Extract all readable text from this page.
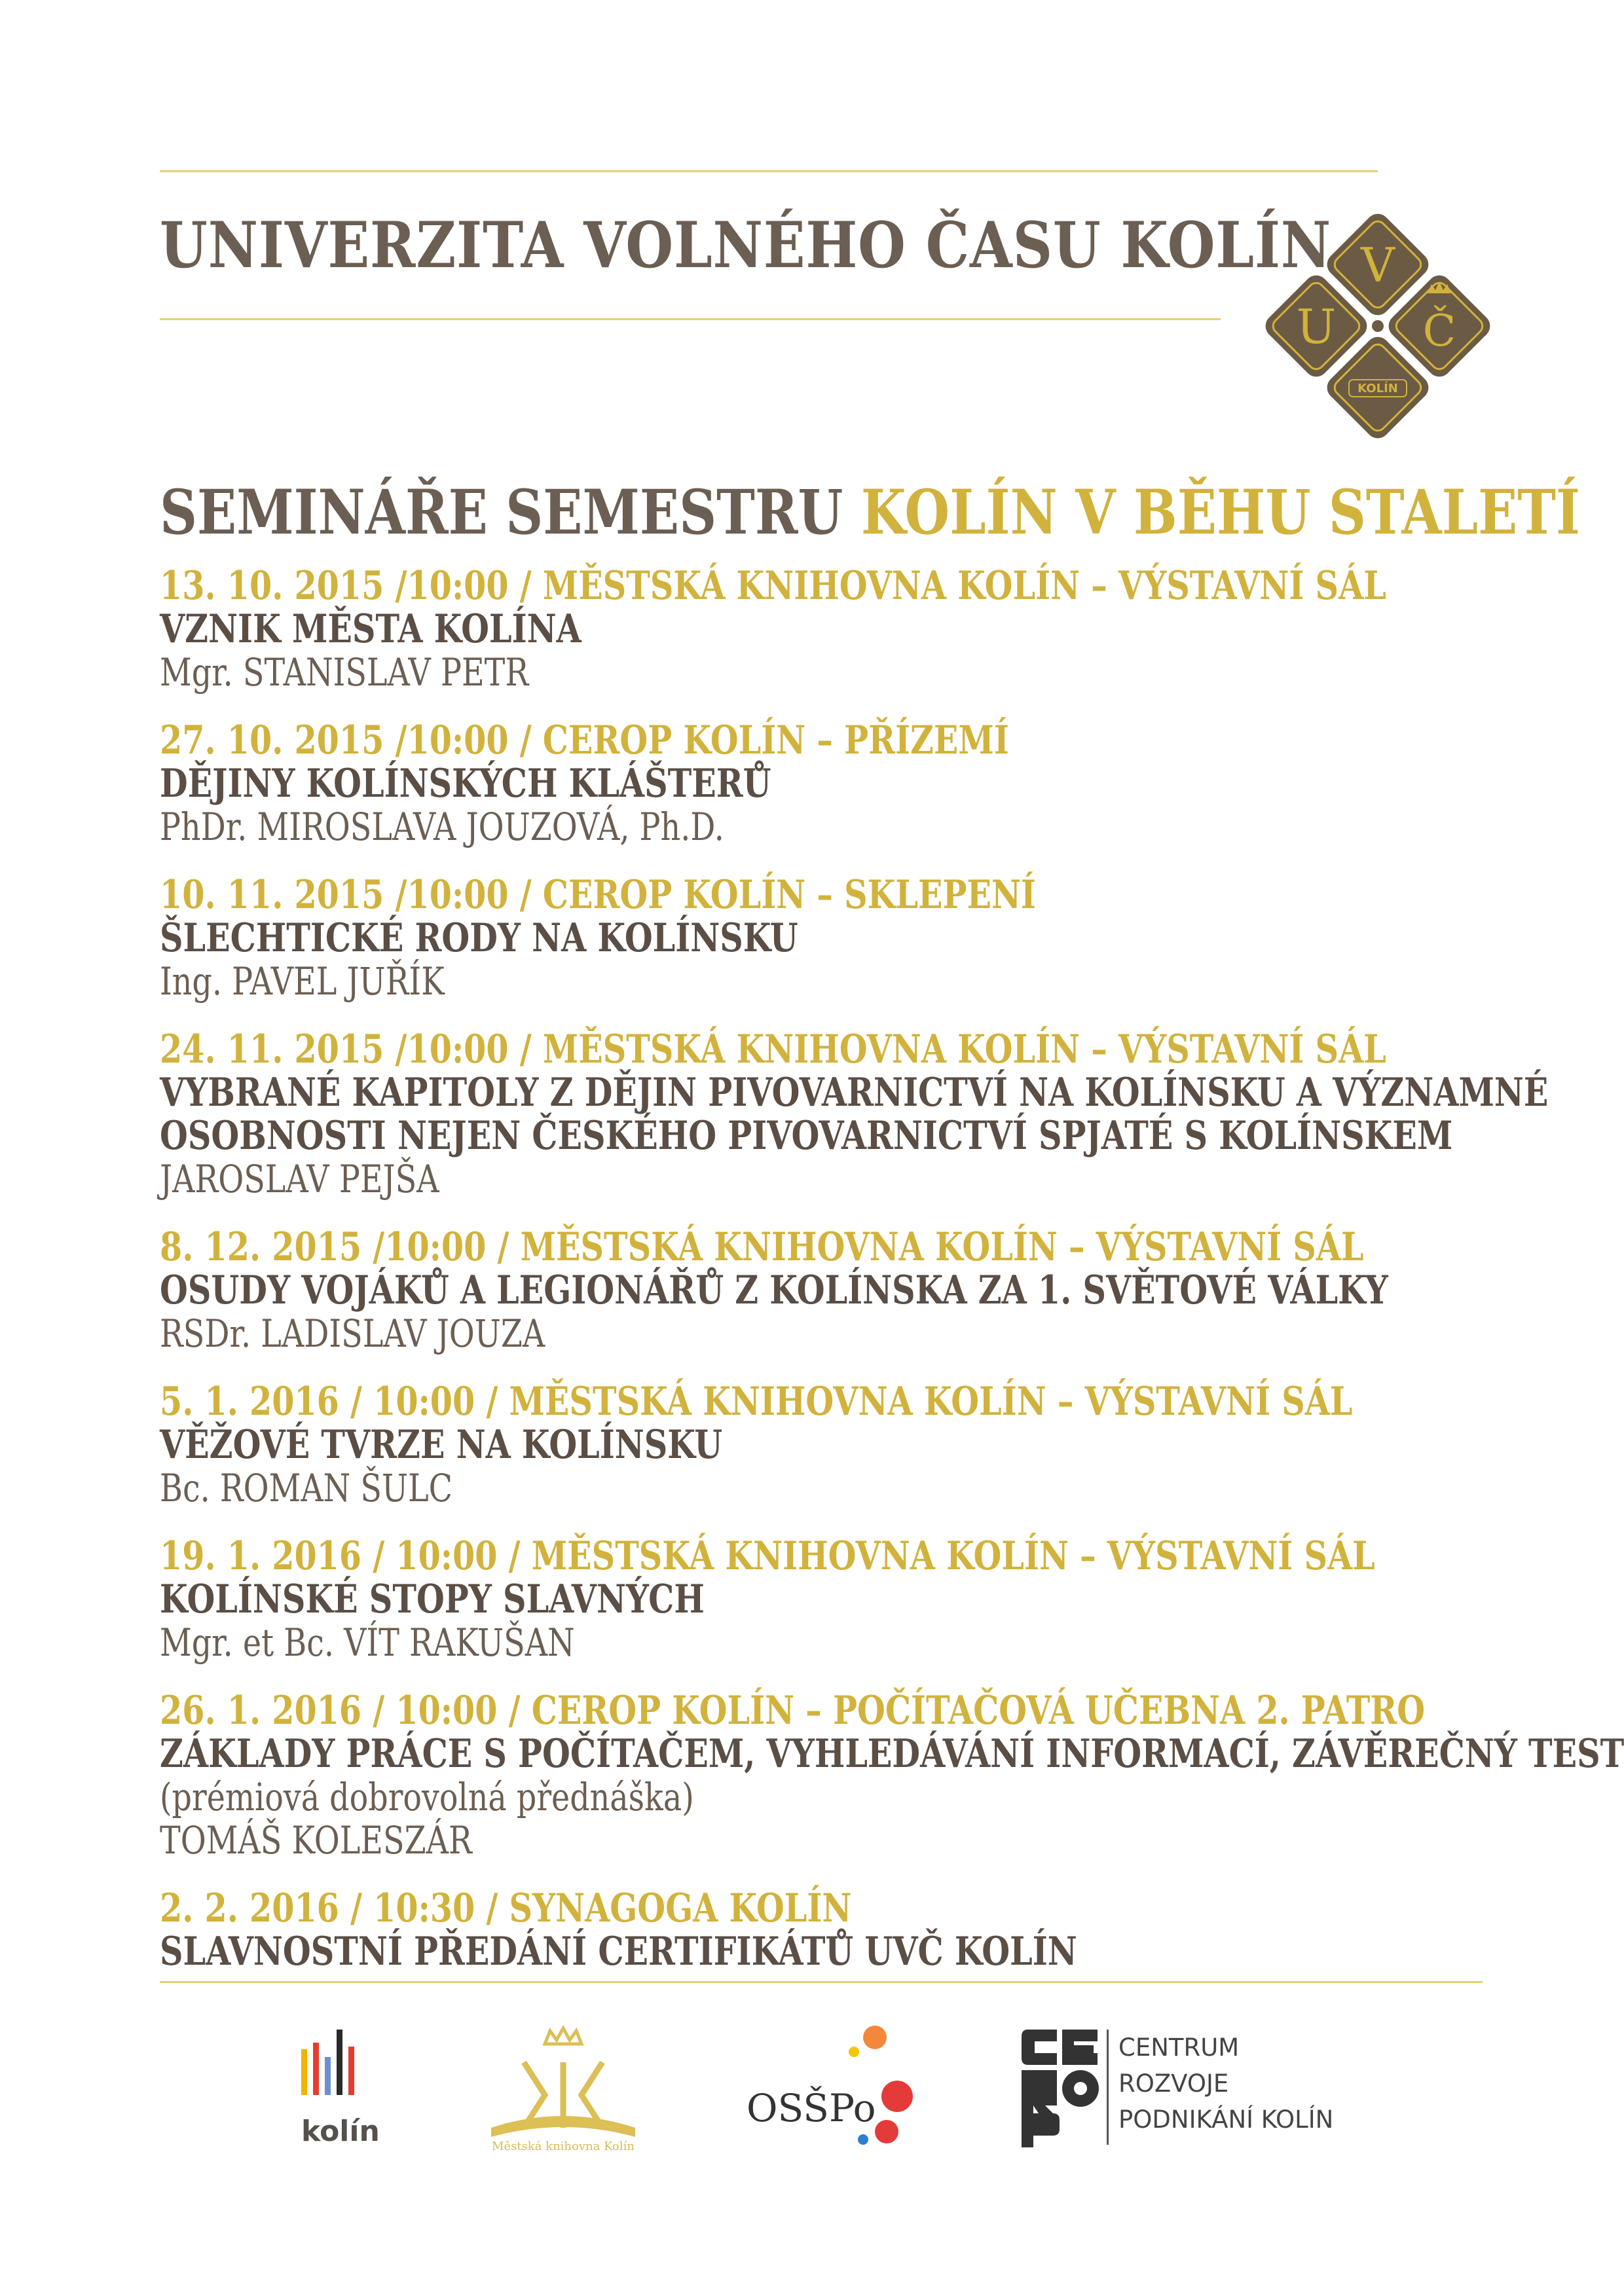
UNIVERZITA VOLNÉHO ČASU KOLÍN V
U Č
KOLÍN
SEMINÁŘE SEMESTRU KOLÍN V BĚHU STALETÍ
13. 10. 2015 /10:00 / MĚSTSKÁ KNIHOVNA KOLÍN – VÝSTAVNÍ SÁL
VZNIK MĚSTA KOLÍNA
Mgr. STANISLAV PETR
27. 10. 2015 /10:00 / CEROP KOLÍN – PŘÍZEMÍ
DĚJINY KOLÍNSKÝCH KLÁŠTERŮ
PhDr. MIROSLAVA JOUZOVÁ, Ph.D.
10. 11. 2015 /10:00 / CEROP KOLÍN – SKLEPENÍ
ŠLECHTICKÉ RODY NA KOLÍNSKU
Ing. PAVEL JUŘÍK
24. 11. 2015 /10:00 / MĚSTSKÁ KNIHOVNA KOLÍN – VÝSTAVNÍ SÁL
VYBRANÉ KAPITOLY Z DĚJIN PIVOVARNICTVÍ NA KOLÍNSKU A VÝZNAMNÉ
OSOBNOSTI NEJEN ČESKÉHO PIVOVARNICTVÍ SPJATÉ S KOLÍNSKEM
JAROSLAV PEJŠA
8. 12. 2015 /10:00 / MĚSTSKÁ KNIHOVNA KOLÍN – VÝSTAVNÍ SÁL
OSUDY VOJÁKŮ A LEGIONÁŘŮ Z KOLÍNSKA ZA 1. SVĚTOVÉ VÁLKY
RSDr. LADISLAV JOUZA
5. 1. 2016 / 10:00 / MĚSTSKÁ KNIHOVNA KOLÍN – VÝSTAVNÍ SÁL
VĚŽOVÉ TVRZE NA KOLÍNSKU
Bc. ROMAN ŠULC
19. 1. 2016 / 10:00 / MĚSTSKÁ KNIHOVNA KOLÍN – VÝSTAVNÍ SÁL
KOLÍNSKÉ STOPY SLAVNÝCH
Mgr. et Bc. VÍT RAKUŠAN
26. 1. 2016 / 10:00 / CEROP KOLÍN – POČÍTAČOVÁ UČEBNA 2. PATRO
ZÁKLADY PRÁCE S POČÍTAČEM, VYHLEDÁVÁNÍ INFORMACÍ, ZÁVĚREČNÝ TEST
(prémiová dobrovolná přednáška)
TOMÁŠ KOLESZÁR
2. 2. 2016 / 10:30 / SYNAGOGA KOLÍN
SLAVNOSTNÍ PŘEDÁNÍ CERTIFIKÁTŮ UVČ KOLÍN
kolín	Městská knihovna Kolín
OSŠPo
CENTRUM
ROZVOJE
PODNIKÁNÍ KOLÍN
